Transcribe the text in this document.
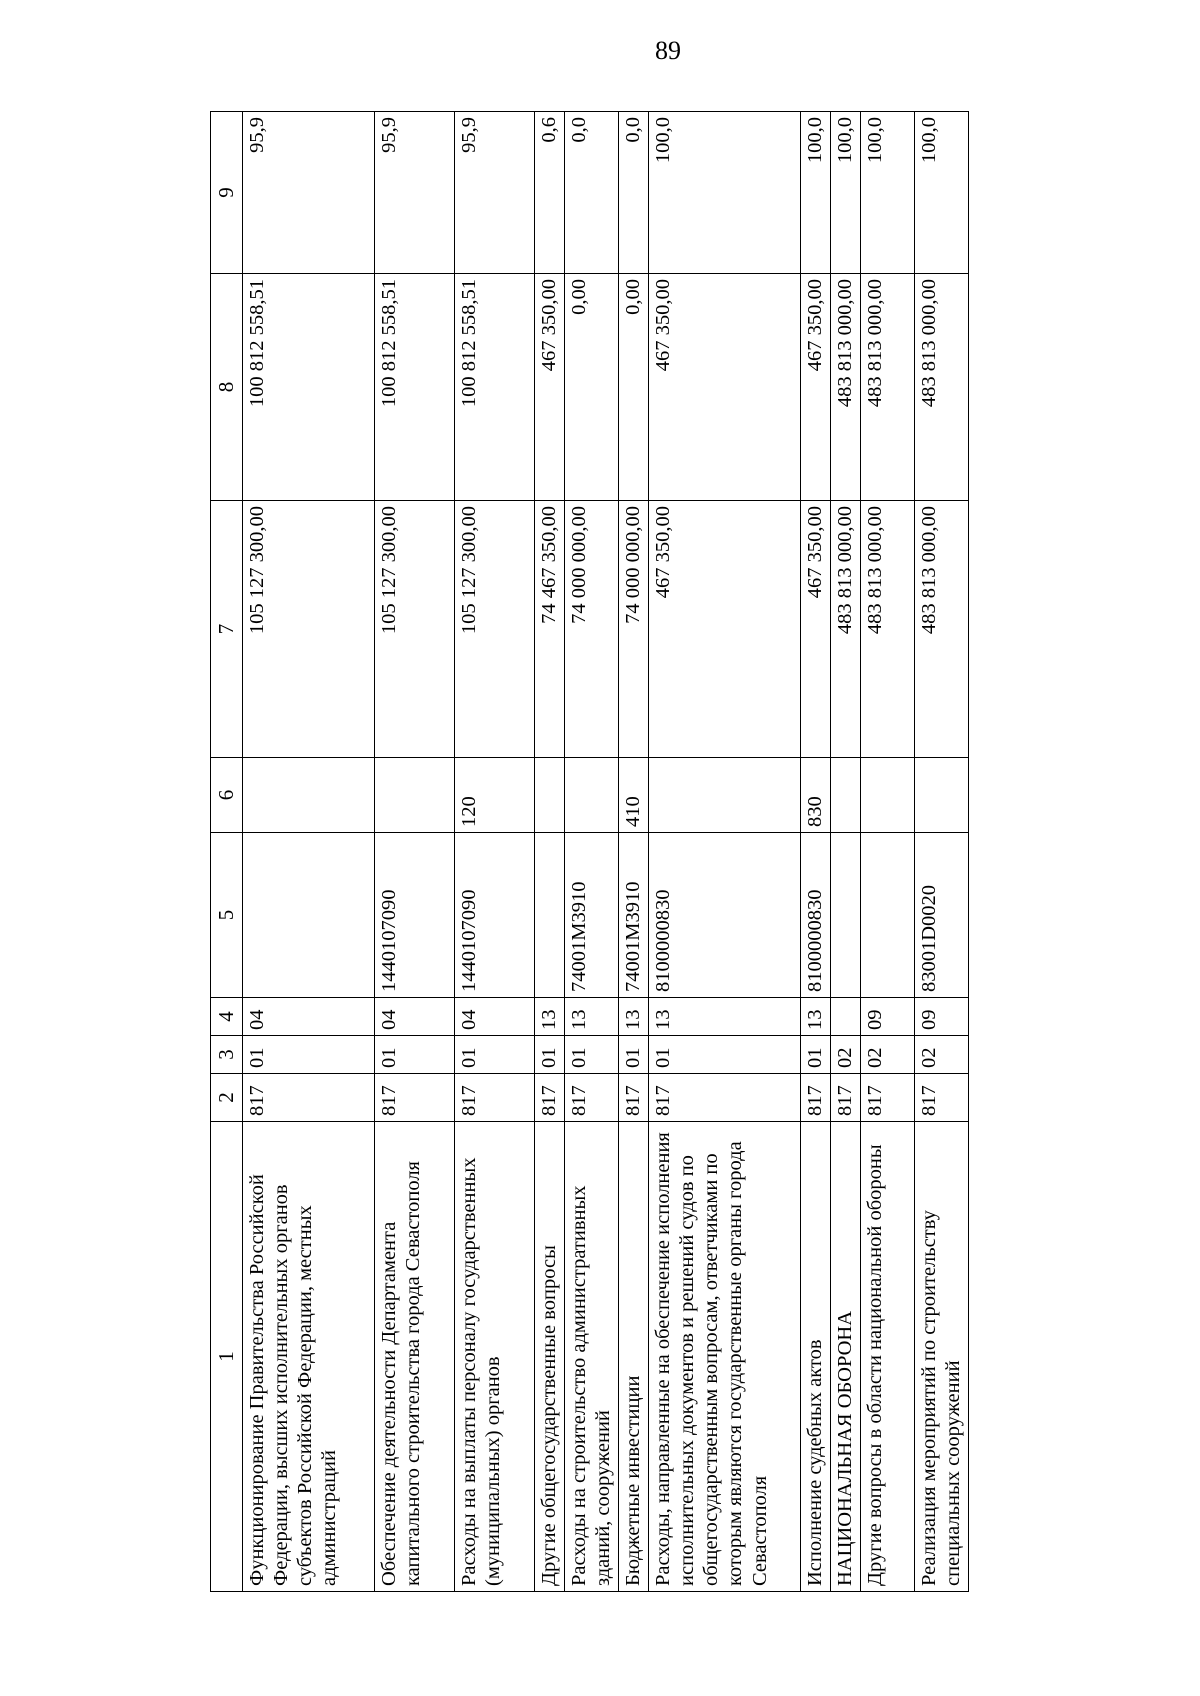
89
1	2	3	4	5	6	7	8	9
Функционирование Правительства Российской Федерации, высших исполнительных органов субъектов Российской Федерации, местных администраций	817	01	04			105 127 300,00	100 812 558,51	95,9
Обеспечение деятельности Департамента капитального строительства города Севастополя	817	01	04	1440107090		105 127 300,00	100 812 558,51	95,9
Расходы на выплаты персоналу государственных (муниципальных) органов	817	01	04	1440107090	120	105 127 300,00	100 812 558,51	95,9
Другие общегосударственные вопросы	817	01	13			74 467 350,00	467 350,00	0,6
Расходы на строительство административных зданий, сооружений	817	01	13	74001M3910		74 000 000,00	0,00	0,0
Бюджетные инвестиции	817	01	13	74001M3910	410	74 000 000,00	0,00	0,0
Расходы, направленные на обеспечение исполнения исполнительных документов и решений судов по общегосударственным вопросам, ответчиками по которым являются государственные органы города Севастополя	817	01	13	8100000830		467 350,00	467 350,00	100,0
Исполнение судебных актов	817	01	13	8100000830	830	467 350,00	467 350,00	100,0
НАЦИОНАЛЬНАЯ ОБОРОНА	817	02				483 813 000,00	483 813 000,00	100,0
Другие вопросы в области национальной обороны	817	02	09			483 813 000,00	483 813 000,00	100,0
Реализация мероприятий по строительству специальных сооружений	817	02	09	83001D0020		483 813 000,00	483 813 000,00	100,0
